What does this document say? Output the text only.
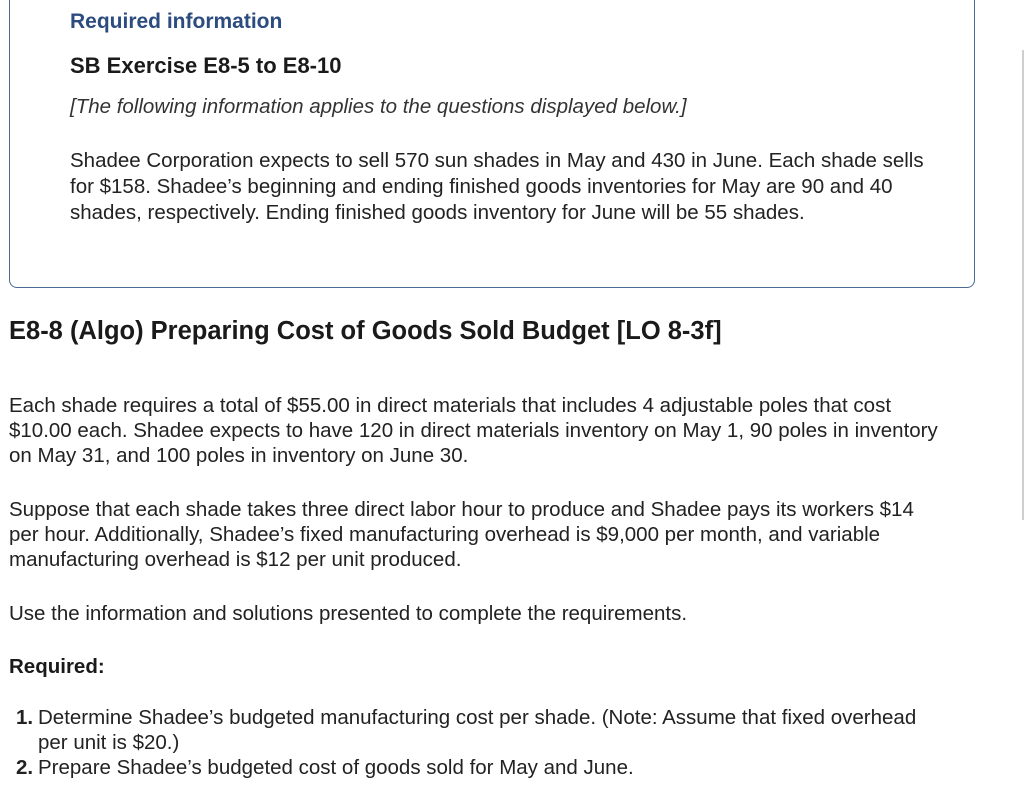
Required information
SB Exercise E8-5 to E8-10
[The following information applies to the questions displayed below.]
Shadee Corporation expects to sell 570 sun shades in May and 430 in June. Each shade sells for $158. Shadee’s beginning and ending finished goods inventories for May are 90 and 40 shades, respectively. Ending finished goods inventory for June will be 55 shades.
E8-8 (Algo) Preparing Cost of Goods Sold Budget [LO 8-3f]
Each shade requires a total of $55.00 in direct materials that includes 4 adjustable poles that cost
$10.00 each. Shadee expects to have 120 in direct materials inventory on May 1, 90 poles in inventory
on May 31, and 100 poles in inventory on June 30.
Suppose that each shade takes three direct labor hour to produce and Shadee pays its workers $14
per hour. Additionally, Shadee’s fixed manufacturing overhead is $9,000 per month, and variable
manufacturing overhead is $12 per unit produced.
Use the information and solutions presented to complete the requirements.
Required:
1. Determine Shadee’s budgeted manufacturing cost per shade. (Note: Assume that fixed overhead
per unit is $20.)
2. Prepare Shadee’s budgeted cost of goods sold for May and June.
